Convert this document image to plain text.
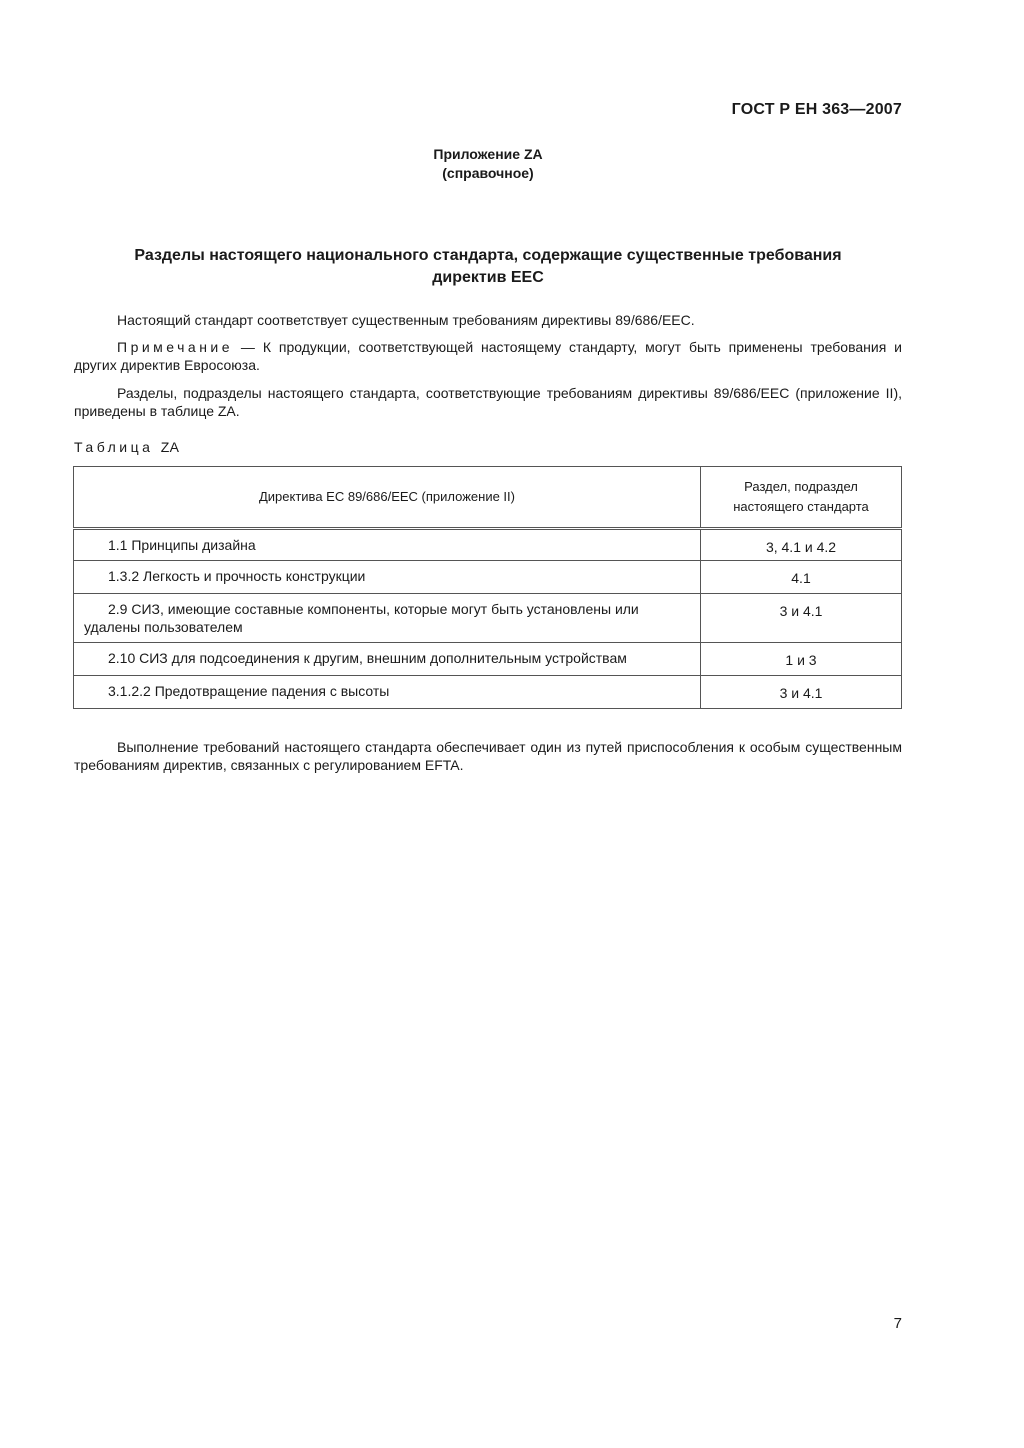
ГОСТ Р ЕН 363—2007
Приложение ZA
(справочное)
Разделы настоящего национального стандарта, содержащие существенные требования
директив ЕЕС
Настоящий стандарт соответствует существенным требованиям директивы 89/686/ЕЕС.
Примечание — К продукции, соответствующей настоящему стандарту, могут быть применены требования и других директив Евросоюза.
Разделы, подразделы настоящего стандарта, соответствующие требованиям директивы 89/686/ЕЕС (приложение II), приведены в таблице ZA.
Таблица ZA
Директива ЕС 89/686/ЕЕС (приложение II)	Раздел, подраздел
настоящего стандарта

1.1 Принципы дизайна	3, 4.1 и 4.2
1.3.2 Легкость и прочность конструкции	4.1
2.9 СИЗ, имеющие составные компоненты, которые могут быть установлены или удалены пользователем	3 и 4.1
2.10 СИЗ для подсоединения к другим, внешним дополнительным устройствам	1 и 3
3.1.2.2 Предотвращение падения с высоты	3 и 4.1
Выполнение требований настоящего стандарта обеспечивает один из путей приспособления к особым существенным требованиям директив, связанных с регулированием EFTA.
7
